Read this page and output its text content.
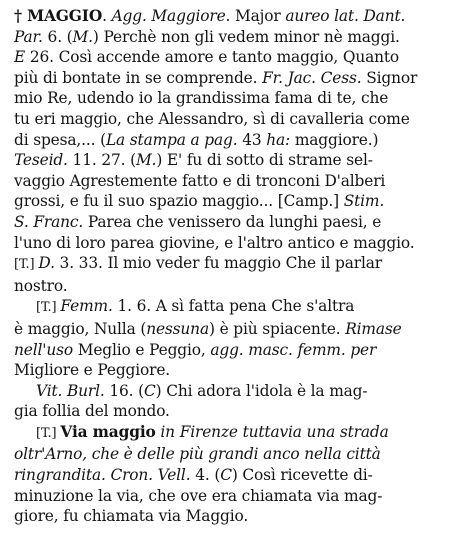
† MAGGIO. Agg. Maggiore. Major aureo lat. Dant.
Par. 6. (M.) Perchè non gli vedem minor nè maggi.
E 26. Così accende amore e tanto maggio, Quanto
più di bontate in se comprende. Fr. Jac. Cess. Signor
mio Re, udendo io la grandissima fama di te, che
tu eri maggio, che Alessandro, sì di cavalleria come
di spesa,... (La stampa a pag. 43 ha: maggiore.)
Teseid. 11. 27. (M.) E' fu di sotto di strame sel-
vaggio Agrestemente fatto e di tronconi D'alberi
grossi, e fu il suo spazio maggio... [Camp.] Stim.
S. Franc. Parea che venissero da lunghi paesi, e
l'uno di loro parea giovine, e l'altro antico e maggio.
[T.] D. 3. 33. Il mio veder fu maggio Che il parlar
nostro.
[T.] Femm. 1. 6. A sì fatta pena Che s'altra
è maggio, Nulla (nessuna) è più spiacente. Rimase
nell'uso Meglio e Peggio, agg. masc. femm. per
Migliore e Peggiore.
Vit. Burl. 16. (C) Chi adora l'idola è la mag-
gia follia del mondo.
[T.] Via maggio in Firenze tuttavia una strada
oltr'Arno, che è delle più grandi anco nella città
ringrandita. Cron. Vell. 4. (C) Così ricevette di-
minuzione la via, che ove era chiamata via mag-
giore, fu chiamata via Maggio.
